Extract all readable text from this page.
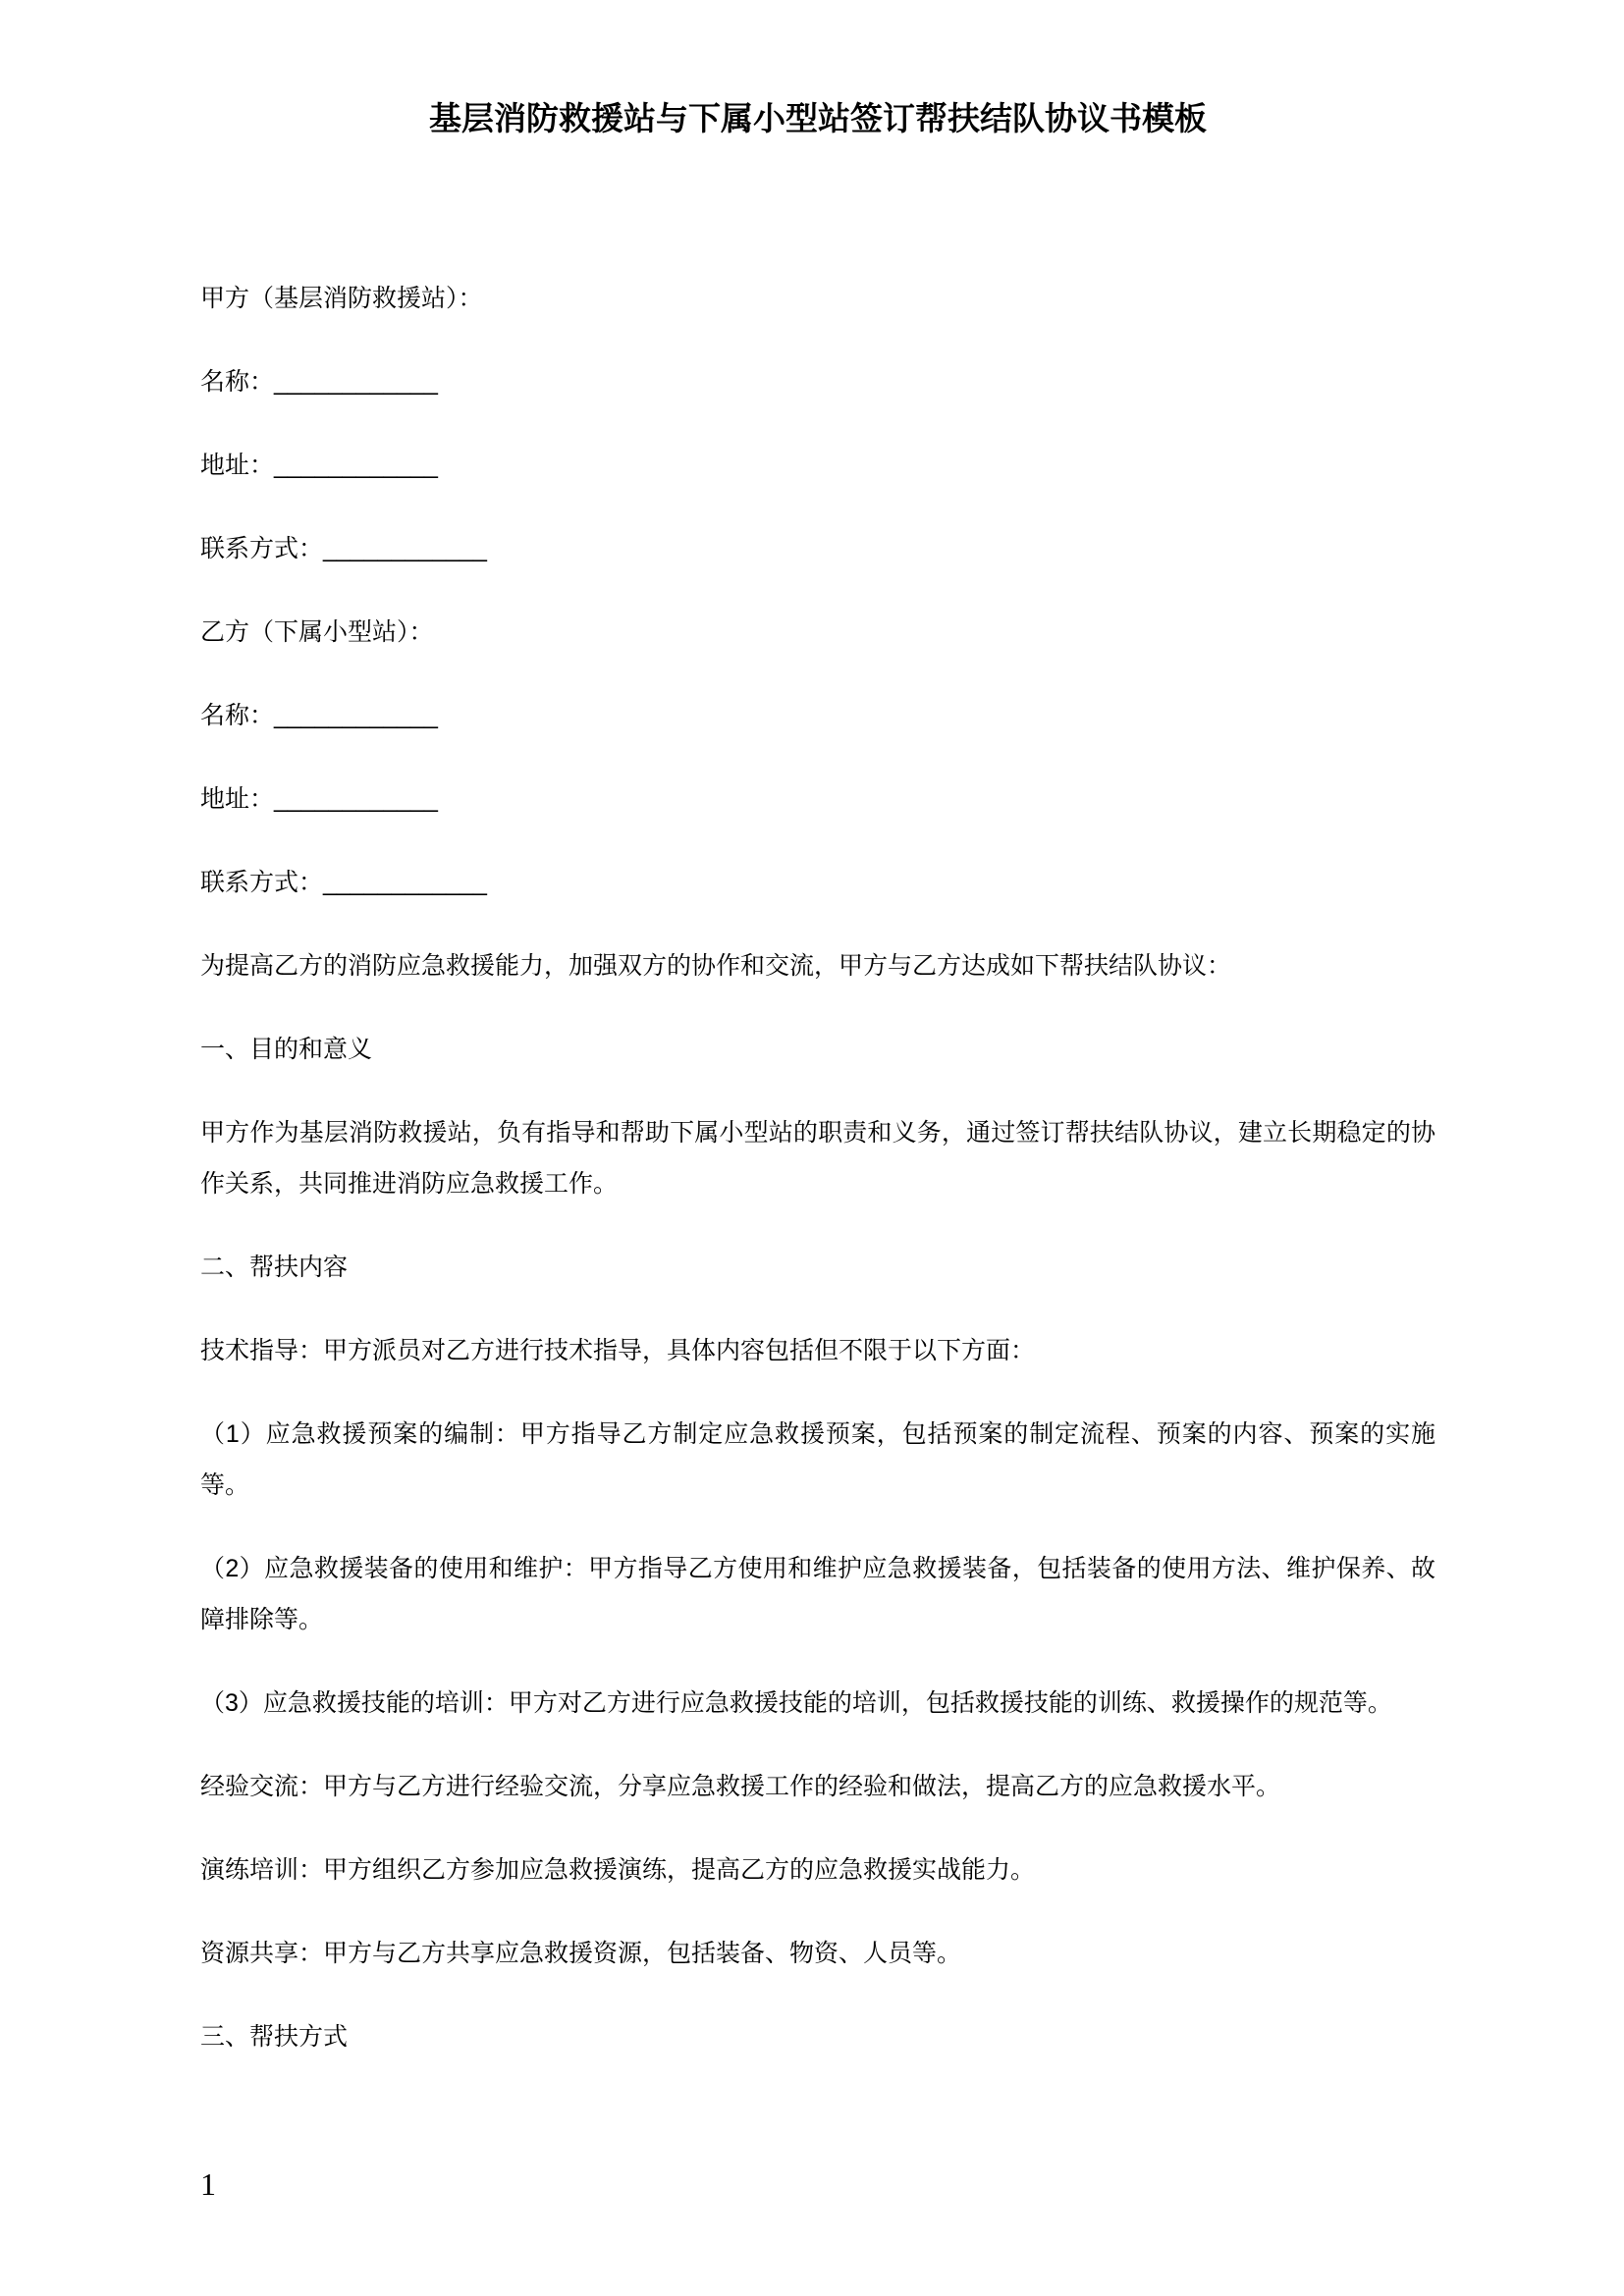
基层消防救援站与下属小型站签订帮扶结队协议书模板

甲方（基层消防救援站）：

名称：____________

地址：____________

联系方式：____________

乙方（下属小型站）：

名称：____________

地址：____________

联系方式：____________

为提高乙方的消防应急救援能力，加强双方的协作和交流，甲方与乙方达成如下帮扶结队协议：

一、目的和意义

甲方作为基层消防救援站，负有指导和帮助下属小型站的职责和义务，通过签订帮扶结队协议，建立长期稳定的协作关系，共同推进消防应急救援工作。

二、帮扶内容

技术指导：甲方派员对乙方进行技术指导，具体内容包括但不限于以下方面：

（1）应急救援预案的编制：甲方指导乙方制定应急救援预案，包括预案的制定流程、预案的内容、预案的实施等。

（2）应急救援装备的使用和维护：甲方指导乙方使用和维护应急救援装备，包括装备的使用方法、维护保养、故障排除等。

（3）应急救援技能的培训：甲方对乙方进行应急救援技能的培训，包括救援技能的训练、救援操作的规范等。

经验交流：甲方与乙方进行经验交流，分享应急救援工作的经验和做法，提高乙方的应急救援水平。

演练培训：甲方组织乙方参加应急救援演练，提高乙方的应急救援实战能力。

资源共享：甲方与乙方共享应急救援资源，包括装备、物资、人员等。

三、帮扶方式

1
